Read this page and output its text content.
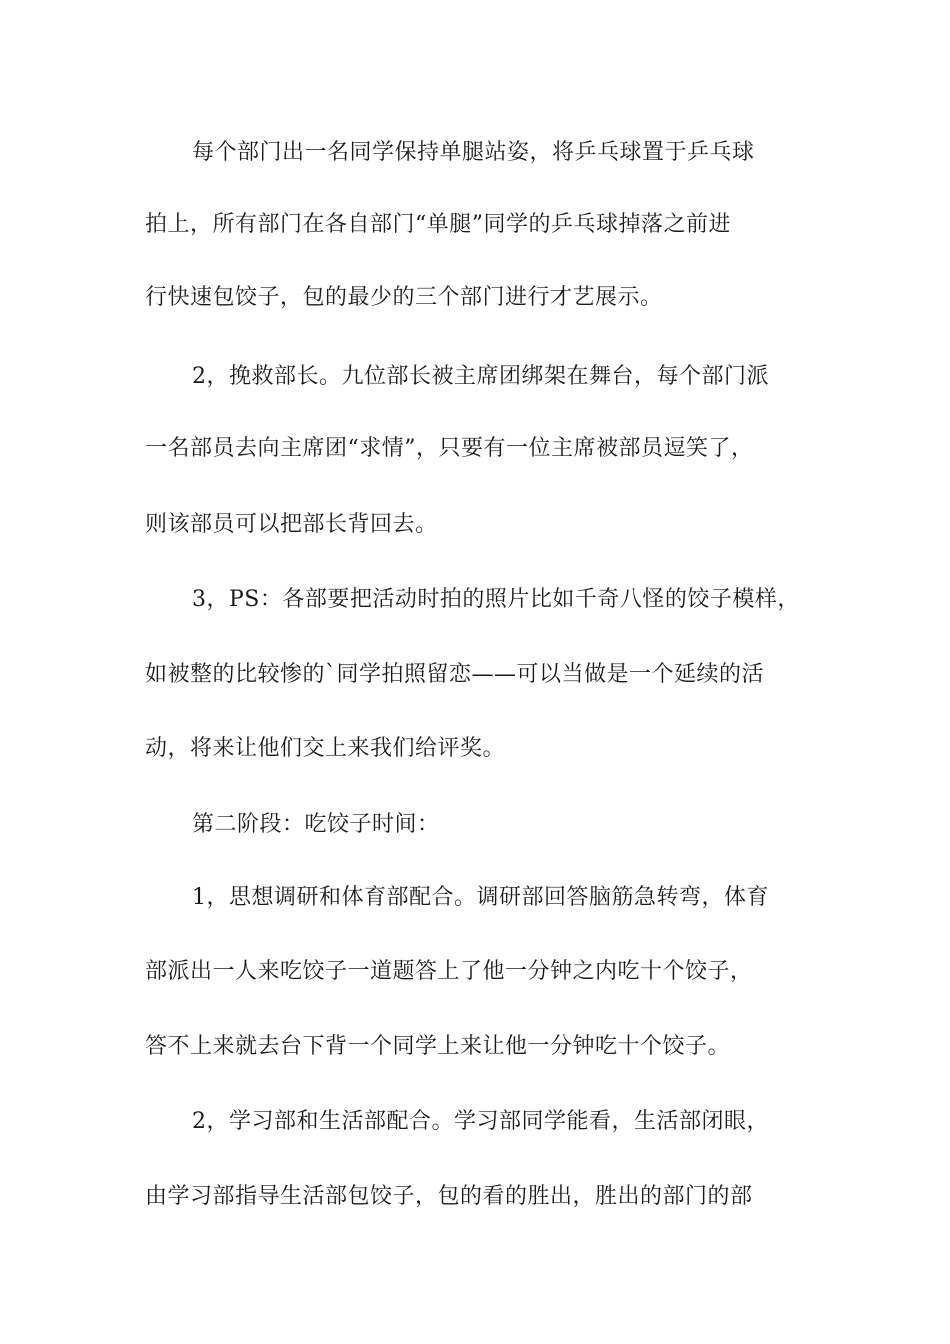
每个部门出一名同学保持单腿站姿，将乒乓球置于乒乓球
拍上，所有部门在各自部门“单腿”同学的乒乓球掉落之前进
行快速包饺子，包的最少的三个部门进行才艺展示。
2，挽救部长。九位部长被主席团绑架在舞台，每个部门派
一名部员去向主席团“求情”，只要有一位主席被部员逗笑了，
则该部员可以把部长背回去。
3，PS：各部要把活动时拍的照片比如千奇八怪的饺子模样，
如被整的比较惨的`同学拍照留恋——可以当做是一个延续的活
动，将来让他们交上来我们给评奖。
第二阶段：吃饺子时间：
1，思想调研和体育部配合。调研部回答脑筋急转弯，体育
部派出一人来吃饺子一道题答上了他一分钟之内吃十个饺子，
答不上来就去台下背一个同学上来让他一分钟吃十个饺子。
2，学习部和生活部配合。学习部同学能看，生活部闭眼，
由学习部指导生活部包饺子，包的看的胜出，胜出的部门的部
